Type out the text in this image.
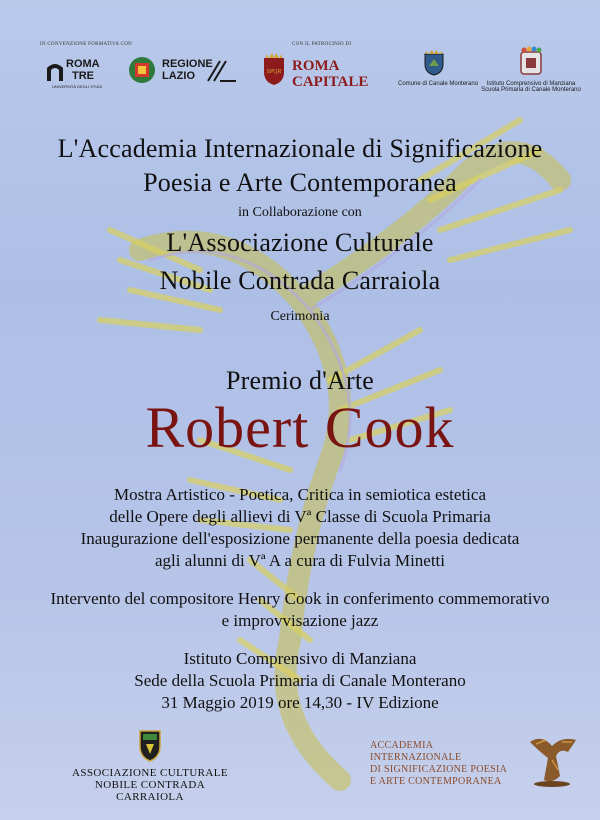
IN CONVENZIONE FORMATIVA CON	CON IL PATROCINIO DI
ROMA
TRE
UNIVERSITÀ DEGLI STUDI
REGIONE
LAZIO	SPQR ROMA
CAPITALE	Comune di Canale Monterano	Istituto Comprensivo di Manziana
Scuola Primaria di Canale Monterano
L'Accademia Internazionale di Significazione
Poesia e Arte Contemporanea
in Collaborazione con
L'Associazione Culturale
Nobile Contrada Carraiola
Cerimonia
Premio d'Arte
Robert Cook
Mostra Artistico - Poetica, Critica in semiotica estetica
delle Opere degli allievi di Vª Classe di Scuola Primaria
Inaugurazione dell'esposizione permanente della poesia dedicata
agli alunni di Vª A a cura di Fulvia Minetti
Intervento del compositore Henry Cook in conferimento commemorativo
e improvvisazione jazz
Istituto Comprensivo di Manziana
Sede della Scuola Primaria di Canale Monterano
31 Maggio 2019 ore 14,30 - IV Edizione
ASSOCIAZIONE CULTURALE
NOBILE CONTRADA CARRAIOLA
ACCADEMIA INTERNAZIONALE
DI SIGNIFICAZIONE POESIA
E ARTE CONTEMPORANEA
